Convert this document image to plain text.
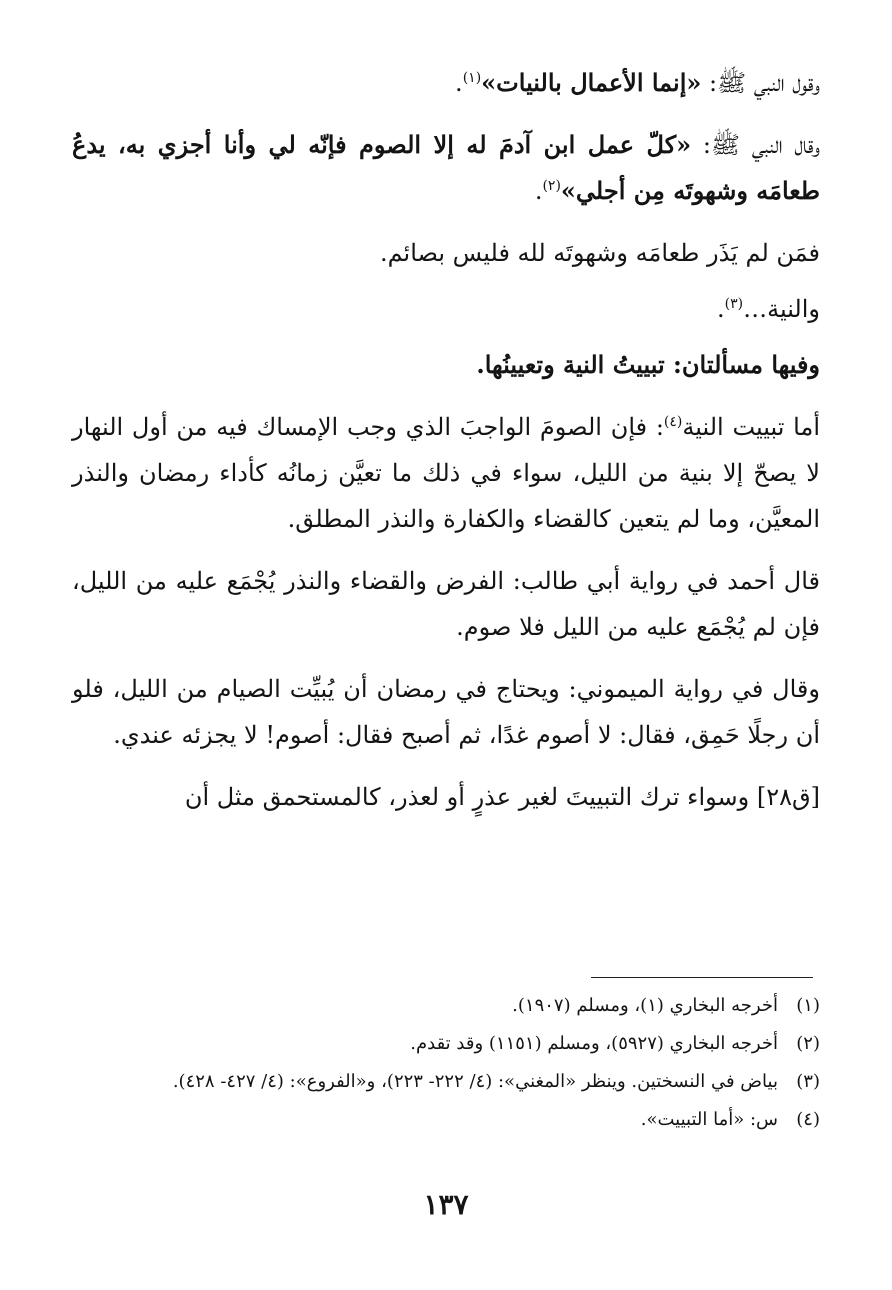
وقول النبي ﷺ: «إنما الأعمال بالنيات»$^{(١)}$.

وقال النبي ﷺ: «كلّ عمل ابن آدمَ له إلا الصوم فإنّه لي وأنا أجزي به، يدعُ طعامَه وشهوتَه مِن أجلي»$^{(٢)}$.

فمَن لم يَذَر طعامَه وشهوتَه لله فليس بصائم.

والنية…$^{(٣)}$.

وفيها مسألتان: تبييتُ النية وتعيينُها.

أما تبييت النية$^{(٤)}$: فإن الصومَ الواجبَ الذي وجب الإمساك فيه من أول النهار لا يصحّ إلا بنية من الليل، سواء في ذلك ما تعيَّن زمانُه كأداء رمضان والنذر المعيَّن، وما لم يتعين كالقضاء والكفارة والنذر المطلق.

قال أحمد في رواية أبي طالب: الفرض والقضاء والنذر يُجْمَع عليه من الليل، فإن لم يُجْمَع عليه من الليل فلا صوم.

وقال في رواية الميموني: ويحتاج في رمضان أن يُبيِّت الصيام من الليل، فلو أن رجلًا حَمِق، فقال: لا أصوم غدًا، ثم أصبح فقال: أصوم! لا يجزئه عندي.

[ق٢٨] وسواء ترك التبييتَ لغير عذرٍ أو لعذر، كالمستحمق مثل أن

(١)
أخرجه البخاري (١)، ومسلم (١٩٠٧).
(٢)
أخرجه البخاري (٥٩٢٧)، ومسلم (١١٥١) وقد تقدم.
(٣)
بياض في النسختين. وينظر «المغني»: (٤/ ٢٢٢- ٢٢٣)، و«الفروع»: (٤/ ٤٢٧- ٤٢٨).
(٤)
س: «أما التبييت».
١٣٧
